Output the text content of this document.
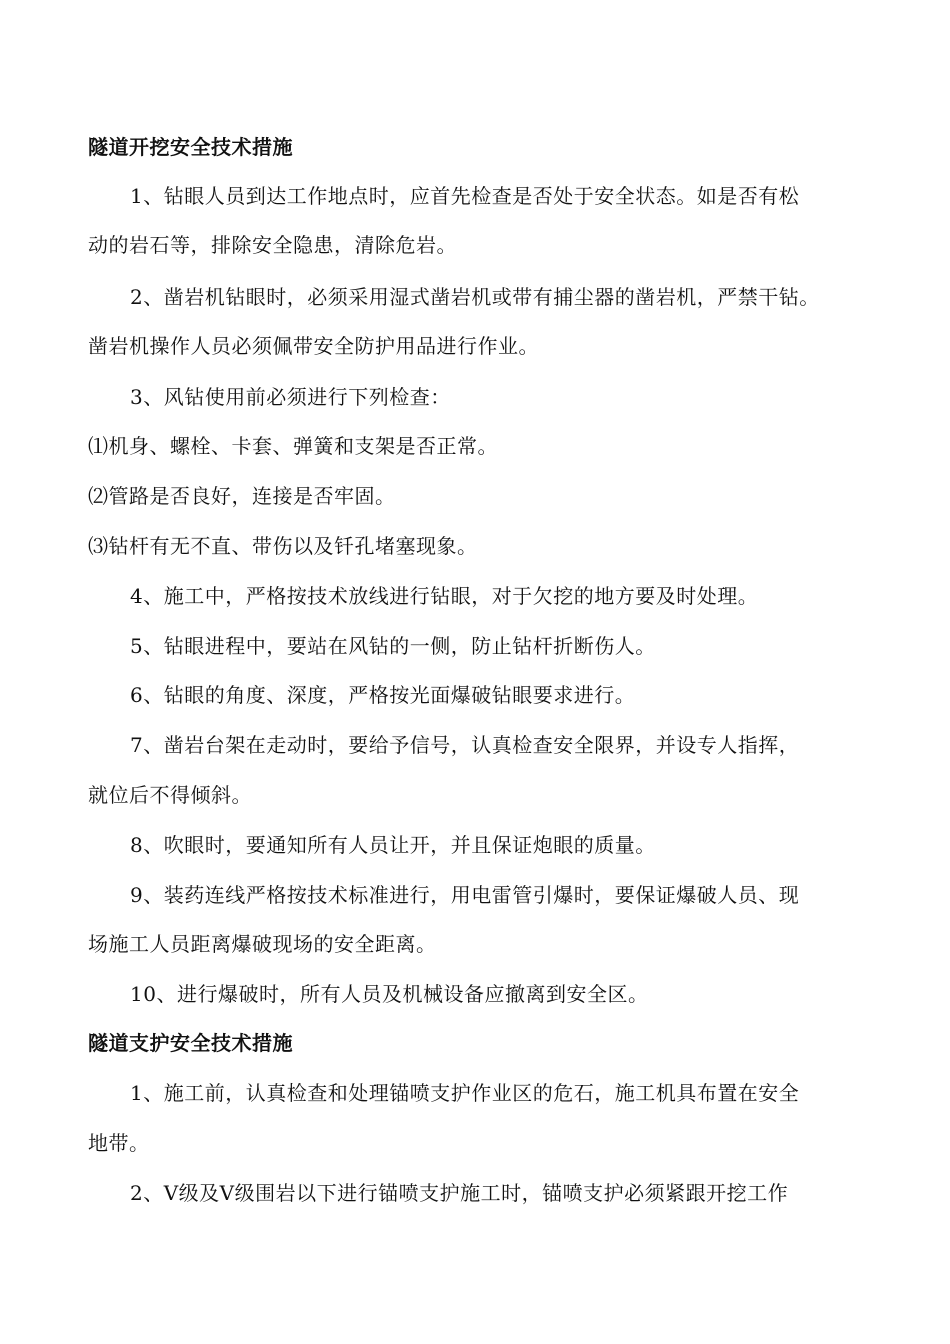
隧道开挖安全技术措施
1、钻眼人员到达工作地点时，应首先检查是否处于安全状态。如是否有松
动的岩石等，排除安全隐患，清除危岩。
2、凿岩机钻眼时，必须采用湿式凿岩机或带有捕尘器的凿岩机，严禁干钻。
凿岩机操作人员必须佩带安全防护用品进行作业。
3、风钻使用前必须进行下列检查：
⑴机身、螺栓、卡套、弹簧和支架是否正常。
⑵管路是否良好，连接是否牢固。
⑶钻杆有无不直、带伤以及钎孔堵塞现象。
4、施工中，严格按技术放线进行钻眼，对于欠挖的地方要及时处理。
5、钻眼进程中，要站在风钻的一侧，防止钻杆折断伤人。
6、钻眼的角度、深度，严格按光面爆破钻眼要求进行。
7、凿岩台架在走动时，要给予信号，认真检查安全限界，并设专人指挥，
就位后不得倾斜。
8、吹眼时，要通知所有人员让开，并且保证炮眼的质量。
9、装药连线严格按技术标准进行，用电雷管引爆时，要保证爆破人员、现
场施工人员距离爆破现场的安全距离。
10、进行爆破时，所有人员及机械设备应撤离到安全区。
隧道支护安全技术措施
1、施工前，认真检查和处理锚喷支护作业区的危石，施工机具布置在安全
地带。
2、Ⅴ级及Ⅴ级围岩以下进行锚喷支护施工时，锚喷支护必须紧跟开挖工作
